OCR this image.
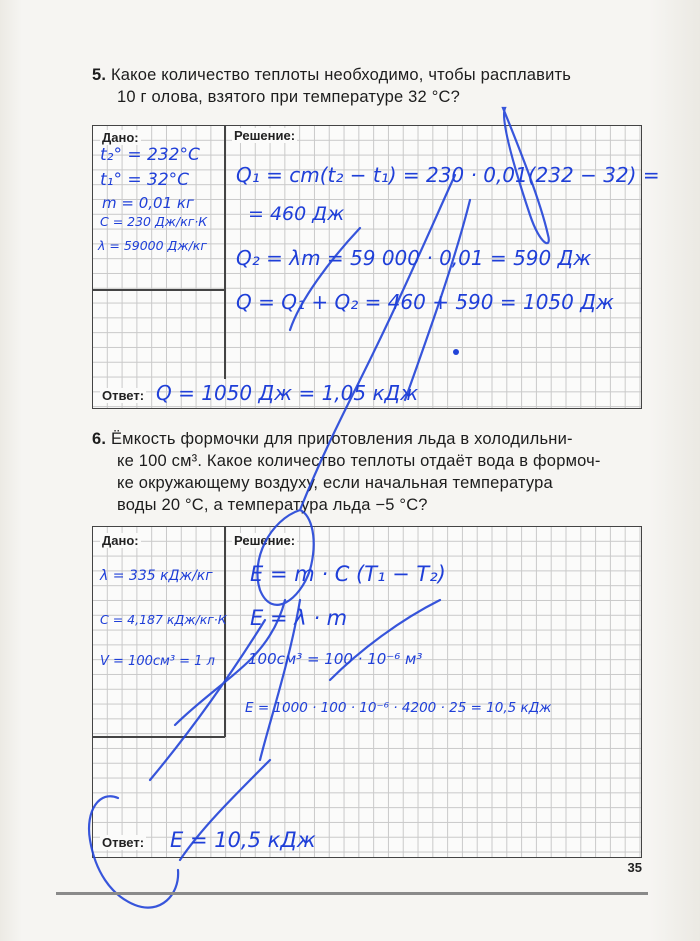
5. Какое количество теплоты необходимо, чтобы расплавить
10 г олова, взятого при температуре 32 °С?
Дано:	Решение:
Ответ:
t₂° = 232°C
t₁° = 32°C
m = 0,01 кг
C = 230 Дж/кг·К
λ = 59000 Дж/кг
Q₁ = cm(t₂ − t₁) = 230 · 0,01(232 − 32) =
= 460 Дж
Q₂ = λm = 59 000 · 0,01 = 590 Дж
Q = Q₁ + Q₂ = 460 + 590 = 1050 Дж
Q = 1050 Дж = 1,05 кДж
6. Ёмкость формочки для приготовления льда в холодильни-
ке 100 см³. Какое количество теплоты отдаёт вода в формоч-
ке окружающему воздуху, если начальная температура
воды 20 °С, а температура льда −5 °С?
Дано:	Решение:
Ответ:
λ = 335 кДж/кг
C = 4,187 кДж/кг·К
V = 100см³ = 1 л
E = m · C (T₁ − T₂)
E = λ · m
100см³ = 100 · 10⁻⁶ м³
E = 1000 · 100 · 10⁻⁶ · 4200 · 25 = 10,5 кДж
E = 10,5 кДж
35
